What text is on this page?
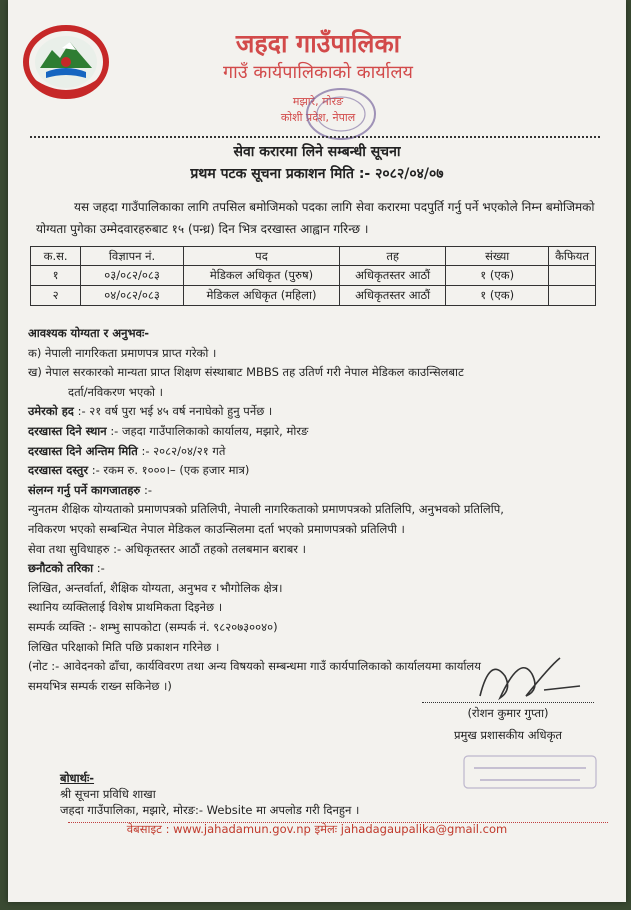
जहदा गाउँपालिका
गाउँ कार्यपालिकाको कार्यालय
मझारे, मोरङ
कोशी प्रदेश, नेपाल
सेवा करारमा लिने सम्बन्धी सूचना
प्रथम पटक सूचना प्रकाशन मिति :- २०८२/०४/०७
यस जहदा गाउँपालिकाका लागि तपसिल बमोजिमको पदका लागि सेवा करारमा पदपुर्ति गर्नु पर्ने भएकोले निम्न बमोजिमको योग्यता पुगेका उम्मेदवारहरुबाट १५ (पन्ध्र) दिन भित्र दरखास्त आह्वान गरिन्छ ।
क.स.	विज्ञापन नं.	पद	तह	संख्या	कैफियत
१	०३/०८२/०८३	मेडिकल अधिकृत (पुरुष)	अधिकृतस्तर आठौं	१ (एक)	
२	०४/०८२/०८३	मेडिकल अधिकृत (महिला)	अधिकृतस्तर आठौं	१ (एक)	

आवश्यक योग्यता र अनुभवः-

क) नेपाली नागरिकता प्रमाणपत्र प्राप्त गरेको ।

ख) नेपाल सरकारको मान्यता प्राप्त शिक्षण संस्थाबाट MBBS तह उतिर्ण गरी नेपाल मेडिकल काउन्सिलबाट

दर्ता/नविकरण भएको ।

उमेरको हद :- २१ वर्ष पुरा भई ४५ वर्ष ननाघेको हुनु पर्नेछ ।

दरखास्त दिने स्थान :- जहदा गाउँपालिकाको कार्यालय, मझारे, मोरङ

दरखास्त दिने अन्तिम मिति :- २०८२/०४/२१ गते

दरखास्त दस्तुर :- रकम रु. १०००।– (एक हजार मात्र)

संलग्न गर्नु पर्ने कागजातहरु :-

न्युनतम शैक्षिक योग्यताको प्रमाणपत्रको प्रतिलिपी, नेपाली नागरिकताको प्रमाणपत्रको प्रतिलिपि, अनुभवको प्रतिलिपि,

नविकरण भएको सम्बन्धित नेपाल मेडिकल काउन्सिलमा दर्ता भएको प्रमाणपत्रको प्रतिलिपी ।

सेवा तथा सुविधाहरु :- अधिकृतस्तर आठौं तहको तलबमान बराबर ।

छनौटको तरिका :-

लिखित, अन्तर्वार्ता, शैक्षिक योग्यता, अनुभव र भौगोलिक क्षेत्र।

स्थानिय व्यक्तिलाई विशेष प्राथमिकता दिइनेछ ।

सम्पर्क व्यक्ति :- शम्भु सापकोटा (सम्पर्क नं. ९८२०७३००४०)

लिखित परिक्षाको मिति पछि प्रकाशन गरिनेछ ।

(नोट :- आवेदनको ढाँचा, कार्यविवरण तथा अन्य विषयको सम्बन्धमा गाउँ कार्यपालिकाको कार्यालयमा कार्यालय

समयभित्र सम्पर्क राख्न सकिनेछ ।)

(रोशन कुमार गुप्ता)
प्रमुख प्रशासकीय अधिकृत
बोधार्थः-
श्री सूचना प्रविधि शाखा
जहदा गाउँपालिका, मझारे, मोरङ:- Website मा अपलोड गरी दिनहुन ।
वेबसाइट : www.jahadamun.gov.np इमेलः jahadagaupalika@gmail.com
